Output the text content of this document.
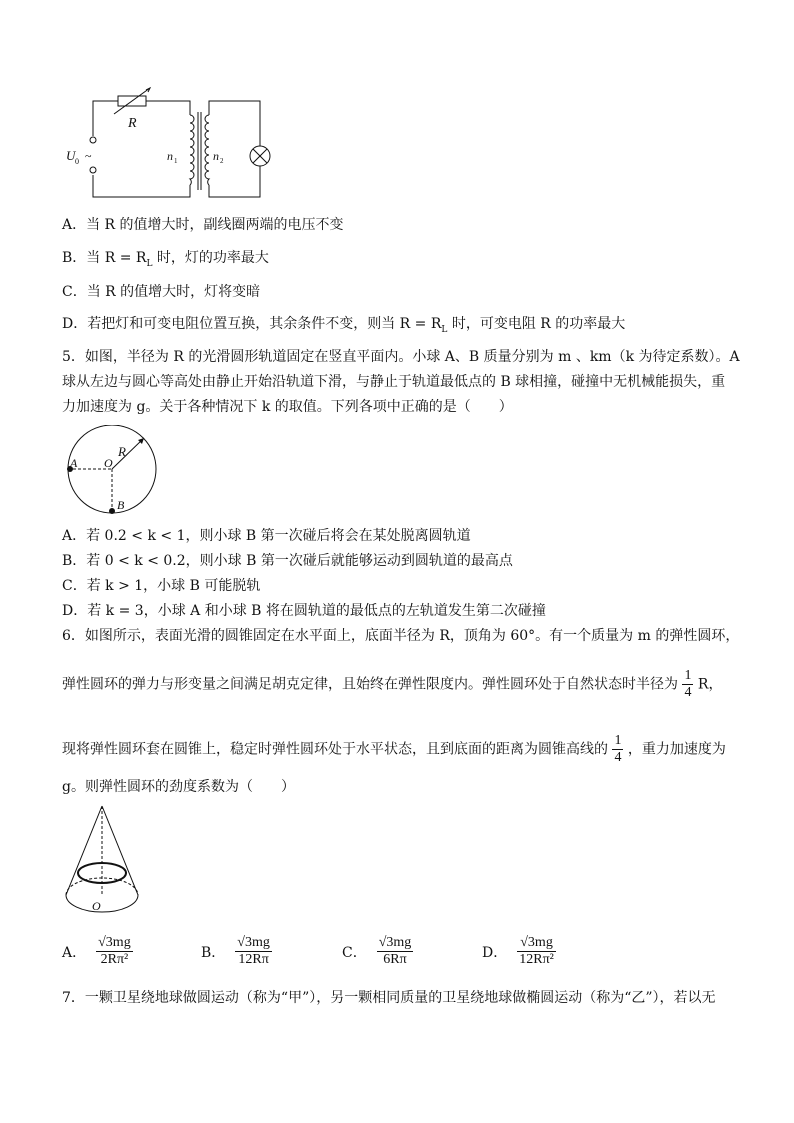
R
U 0 ~	n 1	n 2
A．当 R 的值增大时，副线圈两端的电压不变
B．当 $R = R_L$ 时，灯的功率最大
C．当 R 的值增大时，灯将变暗
D．若把灯和可变电阻位置互换，其余条件不变，则当 $R = R_L$ 时，可变电阻 R 的功率最大
5．如图，半径为 R 的光滑圆形轨道固定在竖直平面内。小球 A、B 质量分别为 m 、km（k 为待定系数）。A
球从左边与圆心等高处由静止开始沿轨道下滑，与静止于轨道最低点的 B 球相撞，碰撞中无机械能损失，重
力加速度为 g。关于各种情况下 k 的取值。下列各项中正确的是（　　）
R
A O
B
A．若 0.2 < k < 1，则小球 B 第一次碰后将会在某处脱离圆轨道
B．若 0 < k < 0.2，则小球 B 第一次碰后就能够运动到圆轨道的最高点
C．若 k > 1，小球 B 可能脱轨
D．若 k = 3，小球 A 和小球 B 将在圆轨道的最低点的左轨道发生第二次碰撞
6．如图所示，表面光滑的圆锥固定在水平面上，底面半径为 R，顶角为 60°。有一个质量为 m 的弹性圆环，
弹性圆环的弹力与形变量之间满足胡克定律，且始终在弹性限度内。弹性圆环处于自然状态时半径为 $\frac{1}{4}$ R，
现将弹性圆环套在圆锥上，稳定时弹性圆环处于水平状态，且到底面的距离为圆锥高线的 $\frac{1}{4}$ ，重力加速度为
g。则弹性圆环的劲度系数为（　　）
O
A． $\frac{√3mg}{\text{2Rπ²}}$	B． $\frac{√3mg}{12R\pi}$	C． $\frac{√3mg}{6R\pi}$	D． $\frac{√3mg}{\text{12Rπ²}}$
7．一颗卫星绕地球做圆运动（称为“甲”），另一颗相同质量的卫星绕地球做椭圆运动（称为“乙”），若以无
